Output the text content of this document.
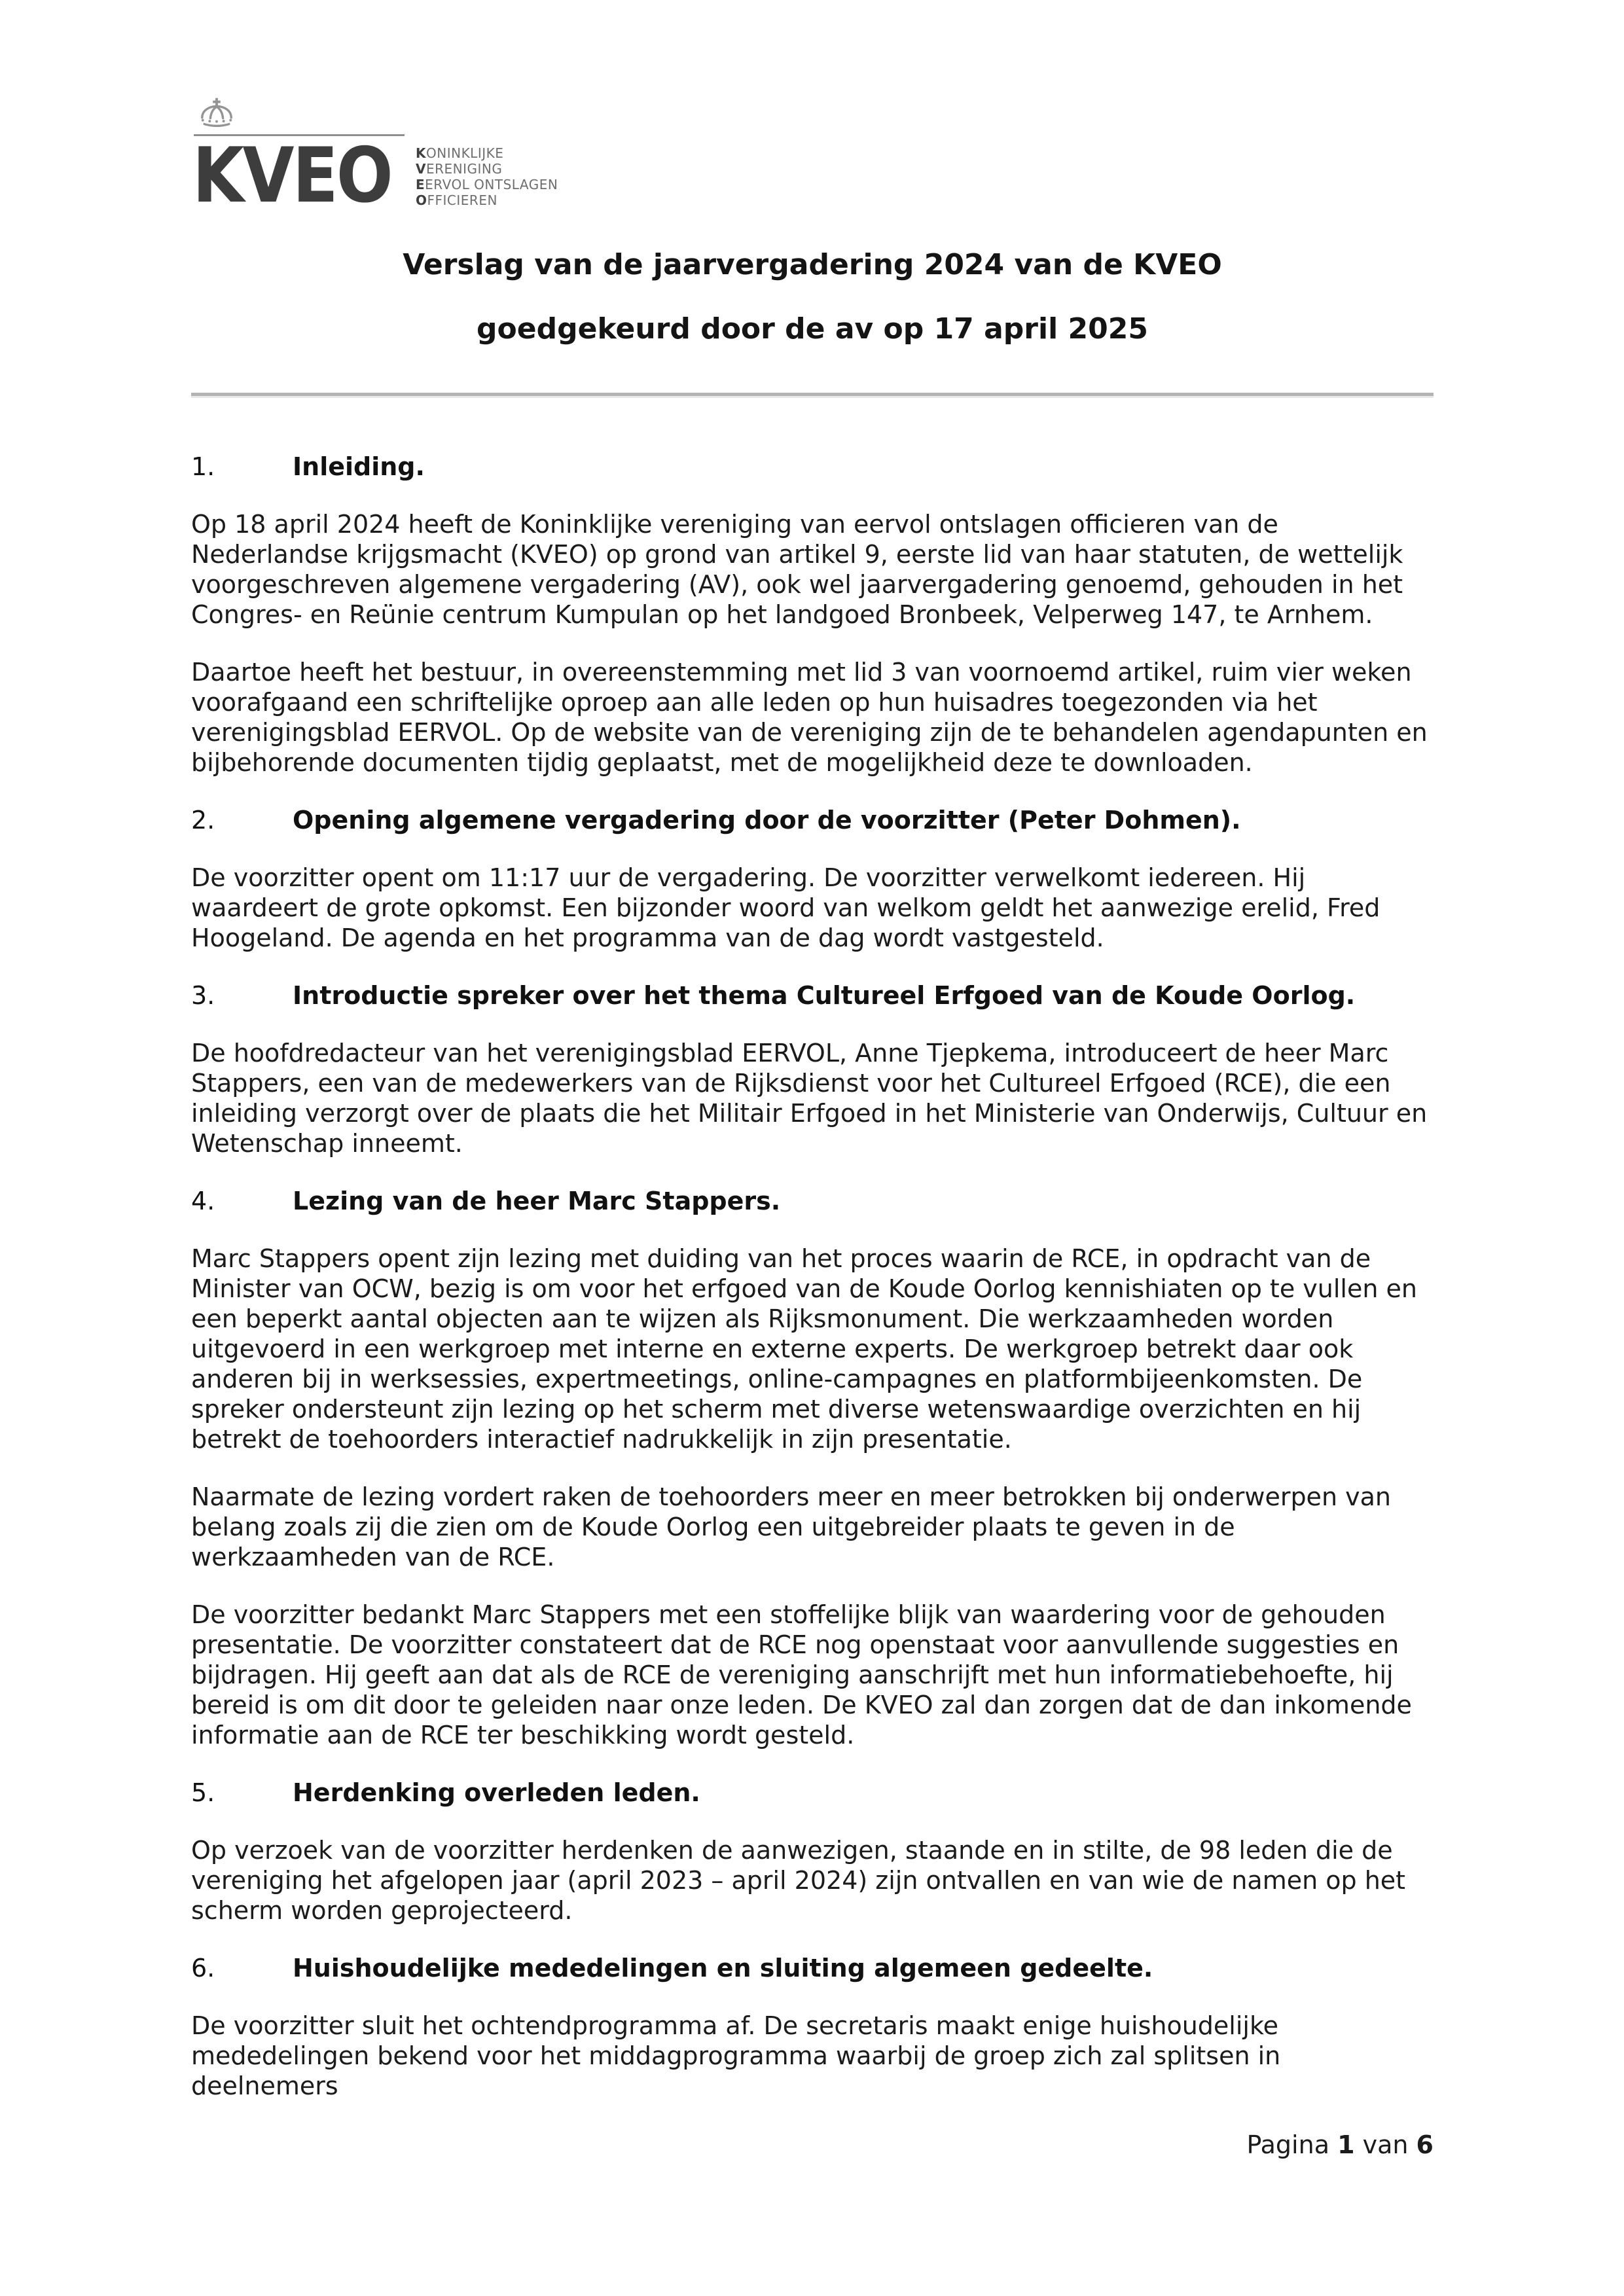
KVEO KONINKLIJKE
VERENIGING
EERVOL ONTSLAGEN
OFFICIEREN
Verslag van de jaarvergadering 2024 van de KVEO
goedgekeurd door de av op 17 april 2025
1.	Inleiding.

Op 18 april 2024 heeft de Koninklijke vereniging van eervol ontslagen officieren van de Nederlandse krijgsmacht (KVEO) op grond van artikel 9, eerste lid van haar statuten, de wettelijk voorgeschreven algemene vergadering (AV), ook wel jaarvergadering genoemd, gehouden in het Congres- en Reünie centrum Kumpulan op het landgoed Bronbeek, Velperweg 147, te Arnhem.

Daartoe heeft het bestuur, in overeenstemming met lid 3 van voornoemd artikel, ruim vier weken voorafgaand een schriftelijke oproep aan alle leden op hun huisadres toegezonden via het verenigingsblad EERVOL. Op de website van de vereniging zijn de te behandelen agendapunten en bijbehorende documenten tijdig geplaatst, met de mogelijkheid deze te downloaden.

2.	Opening algemene vergadering door de voorzitter (Peter Dohmen).

De voorzitter opent om 11:17 uur de vergadering. De voorzitter verwelkomt iedereen. Hij waardeert de grote opkomst. Een bijzonder woord van welkom geldt het aanwezige erelid, Fred Hoogeland. De agenda en het programma van de dag wordt vastgesteld.

3.	Introductie spreker over het thema Cultureel Erfgoed van de Koude Oorlog.

De hoofdredacteur van het verenigingsblad EERVOL, Anne Tjepkema, introduceert de heer Marc Stappers, een van de medewerkers van de Rijksdienst voor het Cultureel Erfgoed (RCE), die een inleiding verzorgt over de plaats die het Militair Erfgoed in het Ministerie van Onderwijs, Cultuur en Wetenschap inneemt.

4.	Lezing van de heer Marc Stappers.

Marc Stappers opent zijn lezing met duiding van het proces waarin de RCE, in opdracht van de Minister van OCW, bezig is om voor het erfgoed van de Koude Oorlog kennishiaten op te vullen en een beperkt aantal objecten aan te wijzen als Rijksmonument. Die werkzaamheden worden uitgevoerd in een werkgroep met interne en externe experts. De werkgroep betrekt daar ook anderen bij in werksessies, expertmeetings, online-campagnes en platformbijeenkomsten. De spreker ondersteunt zijn lezing op het scherm met diverse wetenswaardige overzichten en hij betrekt de toehoorders interactief nadrukkelijk in zijn presentatie.

Naarmate de lezing vordert raken de toehoorders meer en meer betrokken bij onderwerpen van belang zoals zij die zien om de Koude Oorlog een uitgebreider plaats te geven in de werkzaamheden van de RCE.

De voorzitter bedankt Marc Stappers met een stoffelijke blijk van waardering voor de gehouden presentatie. De voorzitter constateert dat de RCE nog openstaat voor aanvullende suggesties en bijdragen. Hij geeft aan dat als de RCE de vereniging aanschrijft met hun informatiebehoefte, hij bereid is om dit door te geleiden naar onze leden. De KVEO zal dan zorgen dat de dan inkomende informatie aan de RCE ter beschikking wordt gesteld.

5.	Herdenking overleden leden.

Op verzoek van de voorzitter herdenken de aanwezigen, staande en in stilte, de 98 leden die de vereniging het afgelopen jaar (april 2023 – april 2024) zijn ontvallen en van wie de namen op het scherm worden geprojecteerd.

6.	Huishoudelijke mededelingen en sluiting algemeen gedeelte.

De voorzitter sluit het ochtendprogramma af. De secretaris maakt enige huishoudelijke mededelingen bekend voor het middagprogramma waarbij de groep zich zal splitsen in deelnemers

Pagina 1 van 6
